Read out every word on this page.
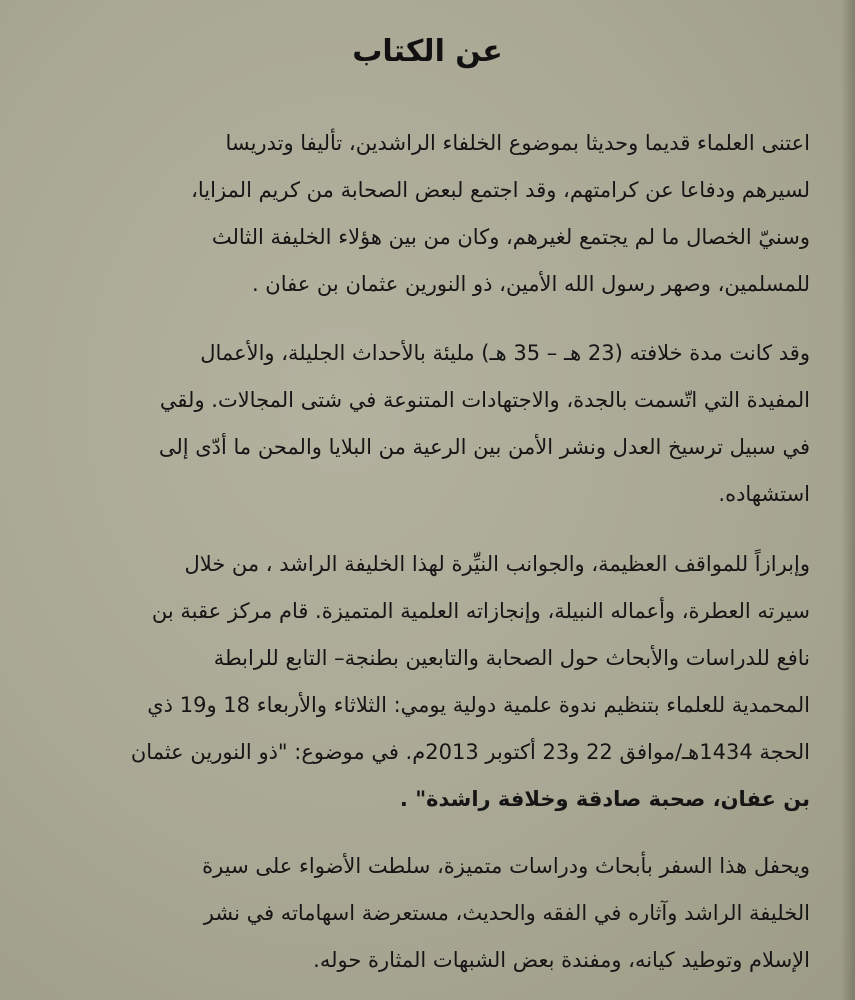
عن الكتاب
اعتنى العلماء قديما وحديثا بموضوع الخلفاء الراشدين، تأليفا وتدريسا
لسيرهم ودفاعا عن كرامتهم، وقد اجتمع لبعض الصحابة من كريم المزايا،
وسنيّ الخصال ما لم يجتمع لغيرهم، وكان من بين هؤلاء الخليفة الثالث
للمسلمين، وصهر رسول الله الأمين، ذو النورين عثمان بن عفان .
وقد كانت مدة خلافته (23 هـ – 35 هـ) مليئة بالأحداث الجليلة، والأعمال
المفيدة التي اتّسمت بالجدة، والاجتهادات المتنوعة في شتى المجالات. ولقي
في سبيل ترسيخ العدل ونشر الأمن بين الرعية من البلايا والمحن ما أدّى إلى
استشهاده.
وإبرازاً للمواقف العظيمة، والجوانب النيِّرة لهذا الخليفة الراشد ، من خلال
سيرته العطرة، وأعماله النبيلة، وإنجازاته العلمية المتميزة. قام مركز عقبة بن
نافع للدراسات والأبحاث حول الصحابة والتابعين بطنجة– التابع للرابطة
المحمدية للعلماء بتنظيم ندوة علمية دولية يومي: الثلاثاء والأربعاء 18 و19 ذي
الحجة 1434هـ/موافق 22 و23 أكتوبر 2013م. في موضوع: "ذو النورين عثمان
بن عفان، صحبة صادقة وخلافة راشدة" .
ويحفل هذا السفر بأبحاث ودراسات متميزة، سلطت الأضواء على سيرة
الخليفة الراشد وآثاره في الفقه والحديث، مستعرضة اسهاماته في نشر
الإسلام وتوطيد كيانه، ومفندة بعض الشبهات المثارة حوله.
